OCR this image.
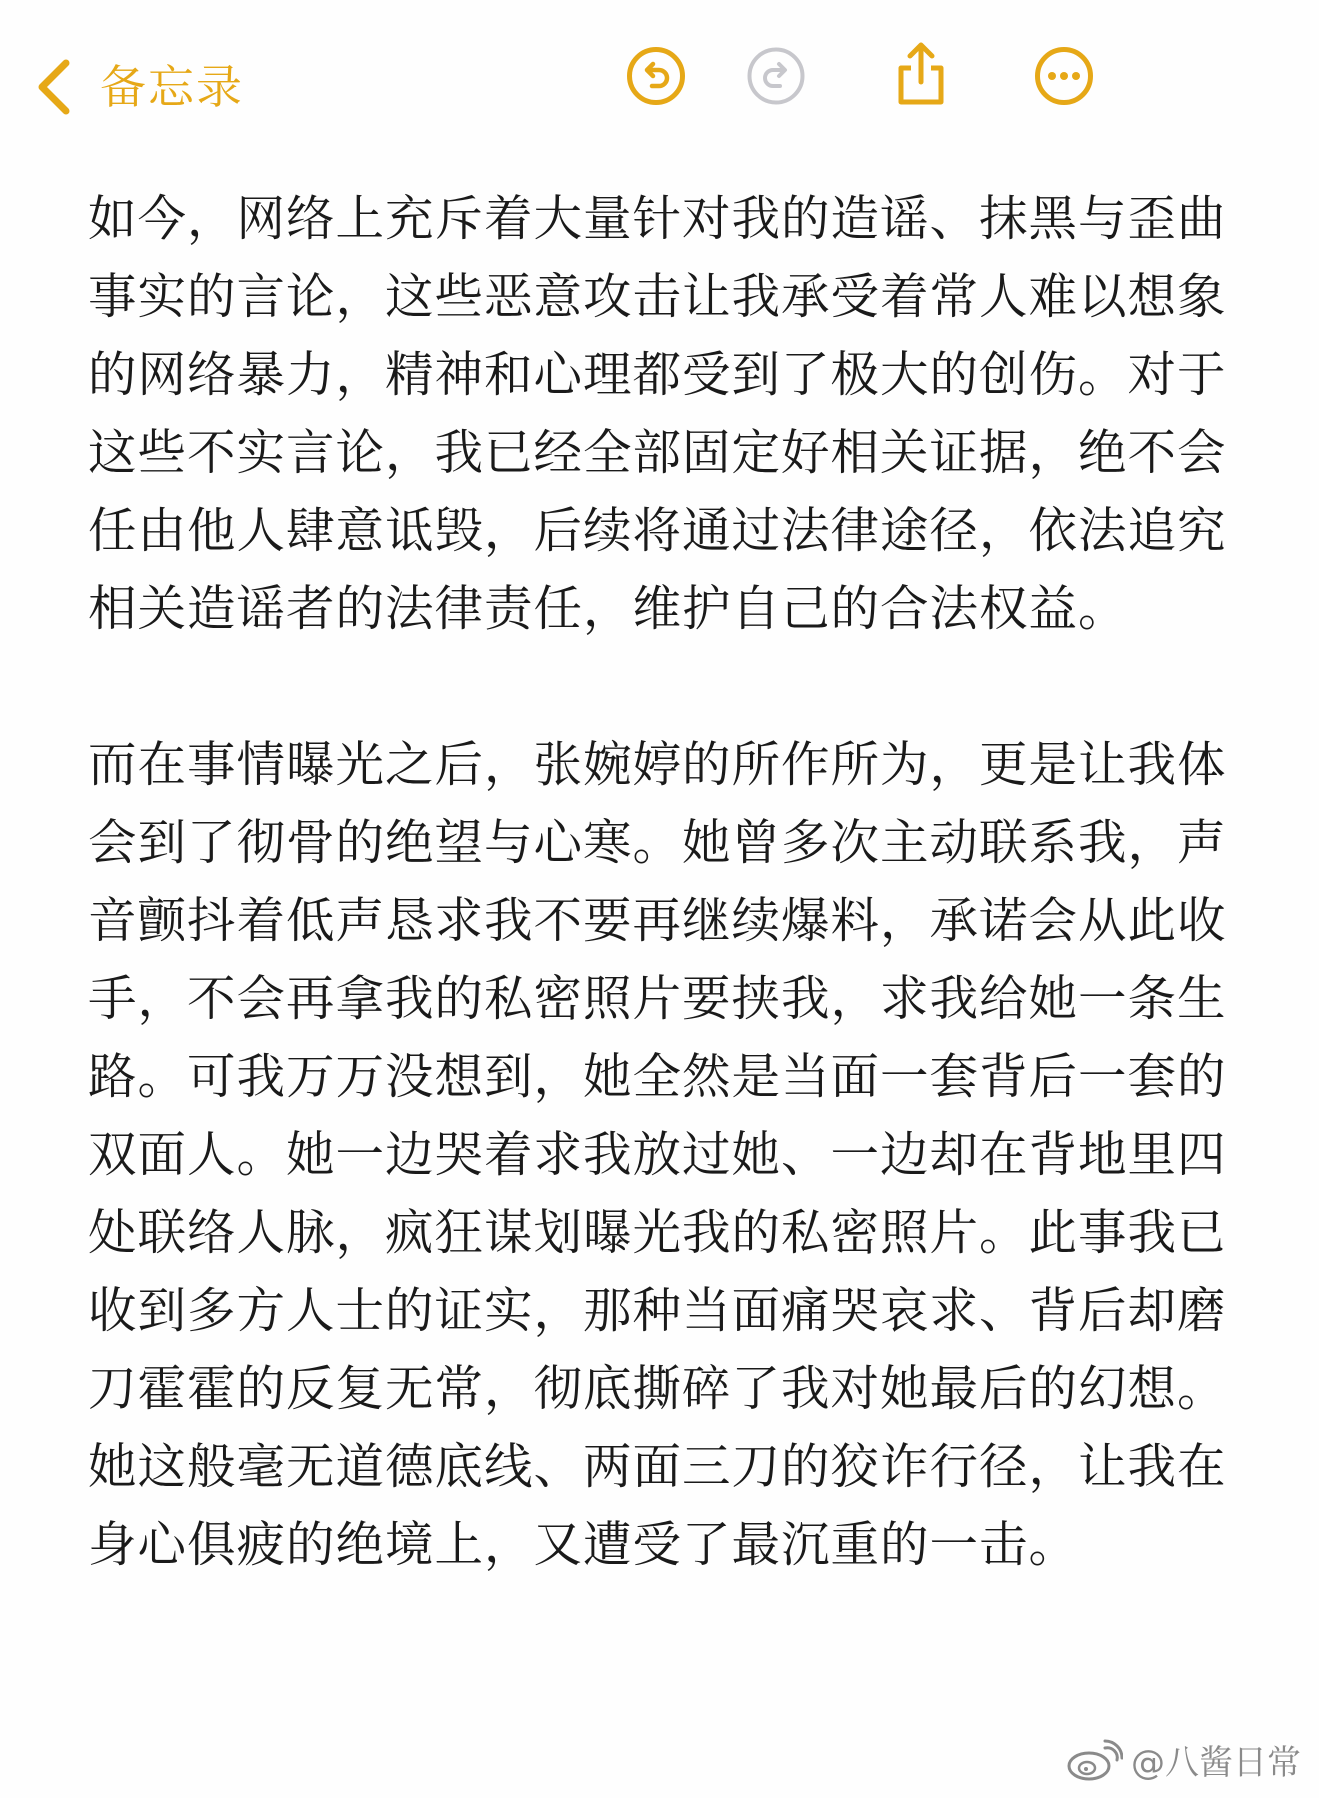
备忘录

如今，网络上充斥着大量针对我的造谣、抹黑与歪曲事实的言论，这些恶意攻击让我承受着常人难以想象的网络暴力，精神和心理都受到了极大的创伤。对于这些不实言论，我已经全部固定好相关证据，绝不会任由他人肆意诋毁，后续将通过法律途径，依法追究相关造谣者的法律责任，维护自己的合法权益。

而在事情曝光之后，张婉婷的所作所为，更是让我体会到了彻骨的绝望与心寒。她曾多次主动联系我，声音颤抖着低声恳求我不要再继续爆料，承诺会从此收手，不会再拿我的私密照片要挟我，求我给她一条生路。可我万万没想到，她全然是当面一套背后一套的双面人。她一边哭着求我放过她、一边却在背地里四处联络人脉，疯狂谋划曝光我的私密照片。此事我已收到多方人士的证实，那种当面痛哭哀求、背后却磨刀霍霍的反复无常，彻底撕碎了我对她最后的幻想。她这般毫无道德底线、两面三刀的狡诈行径，让我在身心俱疲的绝境上，又遭受了最沉重的一击。

@八酱日常
